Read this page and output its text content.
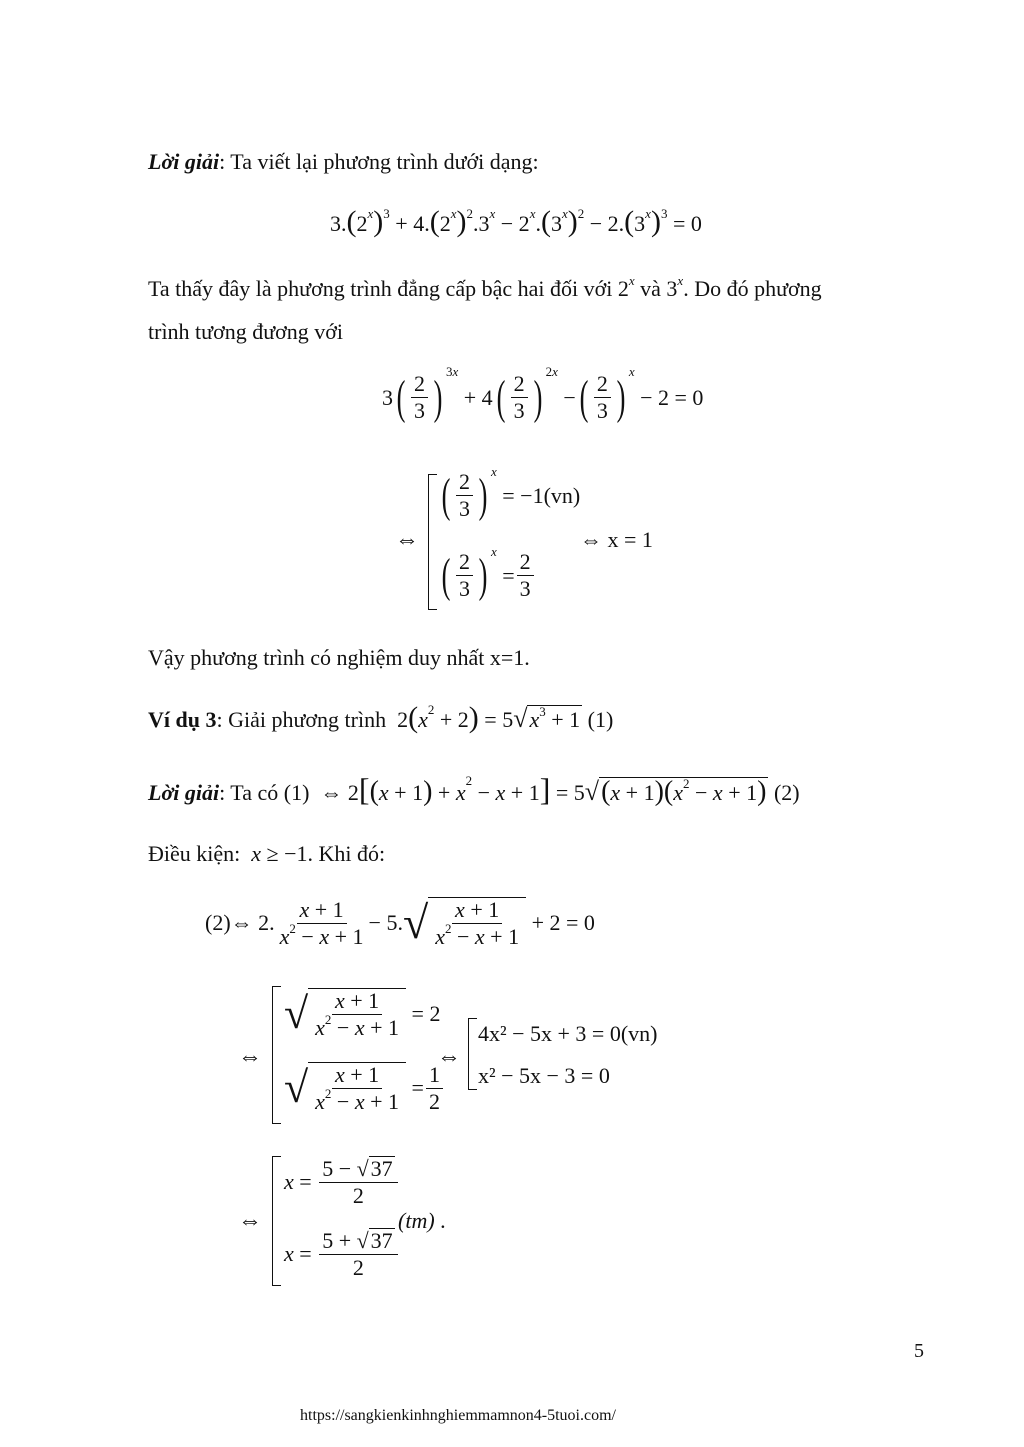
Lời giải: Ta viết lại phương trình dưới dạng:
$3.(2^x)^3 + 4.(2^x)^2.3^x - 2^x.(3^x)^2 - 2.(3^x)^3 = 0$
Ta thấy đây là phương trình đẳng cấp bậc hai đối với 2$^x$ và 3$^x$. Do đó phương
trình tương đương với
3 ( $\frac{2}{3}$ ) $^{3x}$
+ 4 ( $\frac{2}{3}$ ) $^{2x}$
− ( $\frac{2}{3}$ ) $^x$
− 2 = 0
⇔
( $\frac{2}{3}$ ) $^x$

= −1(vn)
( $\frac{2}{3}$ ) $^x$
= $\frac{2}{3}$
⇔ x = 1
Vậy phương trình có nghiệm duy nhất x=1.
Ví dụ 3: Giải phương trình  $2(x^2 + 2) = 5√x^3 + 1$ (1)
Lời giải: Ta có (1)  ⇔ $2[(x + 1) + x^2 - x + 1] = 5√(x + 1)(x^2 - x + 1)$ (2)
Điều kiện: x ≥ −1. Khi đó:
(2) ⇔ 2. $\frac{x + 1}{x^2 - x + 1} - 5$. √ $\frac{x + 1}{x^2 - x + 1} + 2 = 0$
⇔
√ $\frac{x + 1}{x^2 - x + 1} = 2$
√ $\frac{x + 1}{x^2 - x + 1} = \frac{1}{2}$
⇔
4x² − 5x + 3 = 0(vn)
x² − 5x − 3 = 0
⇔
$x = \frac{5 - √37}{2}$
$x = \frac{5 + √37}{2}$
(tm) .
5
https://sangkienkinhnghiemmamnon4-5tuoi.com/
